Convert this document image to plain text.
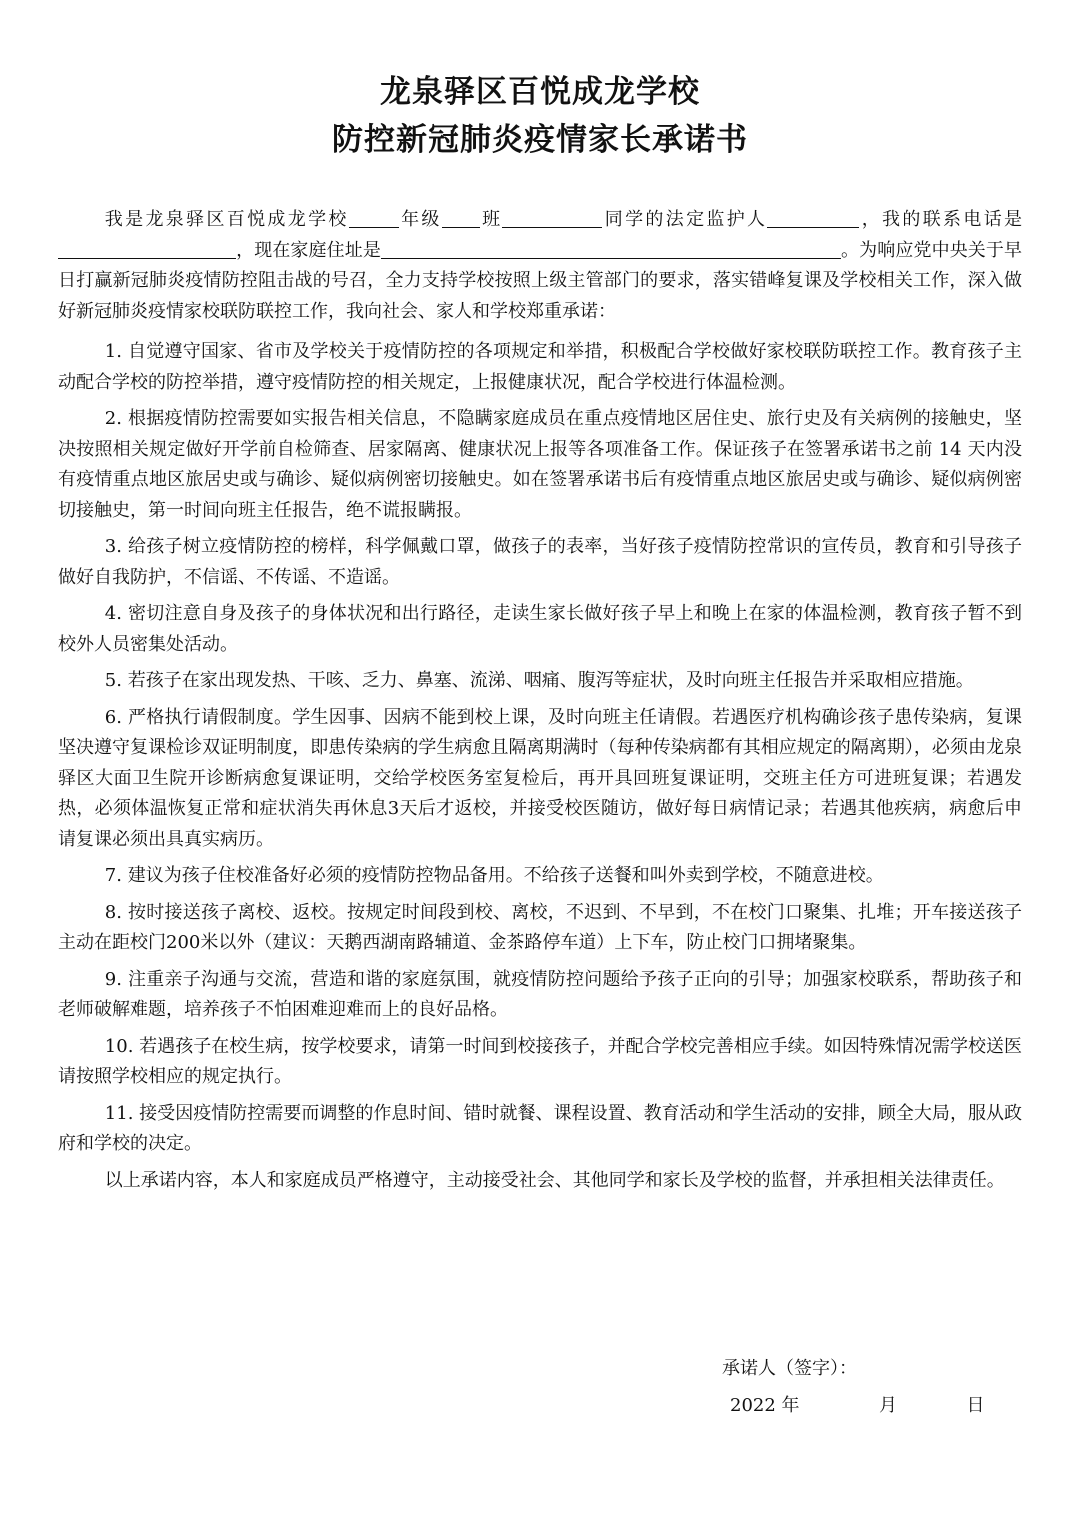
龙泉驿区百悦成龙学校
防控新冠肺炎疫情家长承诺书

我是龙泉驿区百悦成龙学校	年级 班	同学的法定监护人	，我的联系电话是，现在家庭住址是	。为响应党中央关于早日打赢新冠肺炎疫情防控阻击战的号召，全力支持学校按照上级主管部门的要求，落实错峰复课及学校相关工作，深入做好新冠肺炎疫情家校联防联控工作，我向社会、家人和学校郑重承诺：

1. 自觉遵守国家、省市及学校关于疫情防控的各项规定和举措，积极配合学校做好家校联防联控工作。教育孩子主动配合学校的防控举措，遵守疫情防控的相关规定，上报健康状况，配合学校进行体温检测。

2. 根据疫情防控需要如实报告相关信息，不隐瞒家庭成员在重点疫情地区居住史、旅行史及有关病例的接触史，坚决按照相关规定做好开学前自检筛查、居家隔离、健康状况上报等各项准备工作。保证孩子在签署承诺书之前 14 天内没有疫情重点地区旅居史或与确诊、疑似病例密切接触史。如在签署承诺书后有疫情重点地区旅居史或与确诊、疑似病例密切接触史，第一时间向班主任报告，绝不谎报瞒报。

3. 给孩子树立疫情防控的榜样，科学佩戴口罩，做孩子的表率，当好孩子疫情防控常识的宣传员，教育和引导孩子做好自我防护，不信谣、不传谣、不造谣。

4. 密切注意自身及孩子的身体状况和出行路径，走读生家长做好孩子早上和晚上在家的体温检测，教育孩子暂不到校外人员密集处活动。

5. 若孩子在家出现发热、干咳、乏力、鼻塞、流涕、咽痛、腹泻等症状，及时向班主任报告并采取相应措施。

6. 严格执行请假制度。学生因事、因病不能到校上课，及时向班主任请假。若遇医疗机构确诊孩子患传染病，复课坚决遵守复课检诊双证明制度，即患传染病的学生病愈且隔离期满时（每种传染病都有其相应规定的隔离期），必须由龙泉驿区大面卫生院开诊断病愈复课证明，交给学校医务室复检后，再开具回班复课证明，交班主任方可进班复课；若遇发热，必须体温恢复正常和症状消失再休息3天后才返校，并接受校医随访，做好每日病情记录；若遇其他疾病，病愈后申请复课必须出具真实病历。

7. 建议为孩子住校准备好必须的疫情防控物品备用。不给孩子送餐和叫外卖到学校，不随意进校。

8. 按时接送孩子离校、返校。按规定时间段到校、离校，不迟到、不早到，不在校门口聚集、扎堆；开车接送孩子主动在距校门200米以外（建议：天鹅西湖南路辅道、金茶路停车道）上下车，防止校门口拥堵聚集。

9. 注重亲子沟通与交流，营造和谐的家庭氛围，就疫情防控问题给予孩子正向的引导；加强家校联系，帮助孩子和老师破解难题，培养孩子不怕困难迎难而上的良好品格。

10. 若遇孩子在校生病，按学校要求，请第一时间到校接孩子，并配合学校完善相应手续。如因特殊情况需学校送医请按照学校相应的规定执行。

11. 接受因疫情防控需要而调整的作息时间、错时就餐、课程设置、教育活动和学生活动的安排，顾全大局，服从政府和学校的决定。

以上承诺内容，本人和家庭成员严格遵守，主动接受社会、其他同学和家长及学校的监督，并承担相关法律责任。

承诺人（签字）：
2022 年	月	日
